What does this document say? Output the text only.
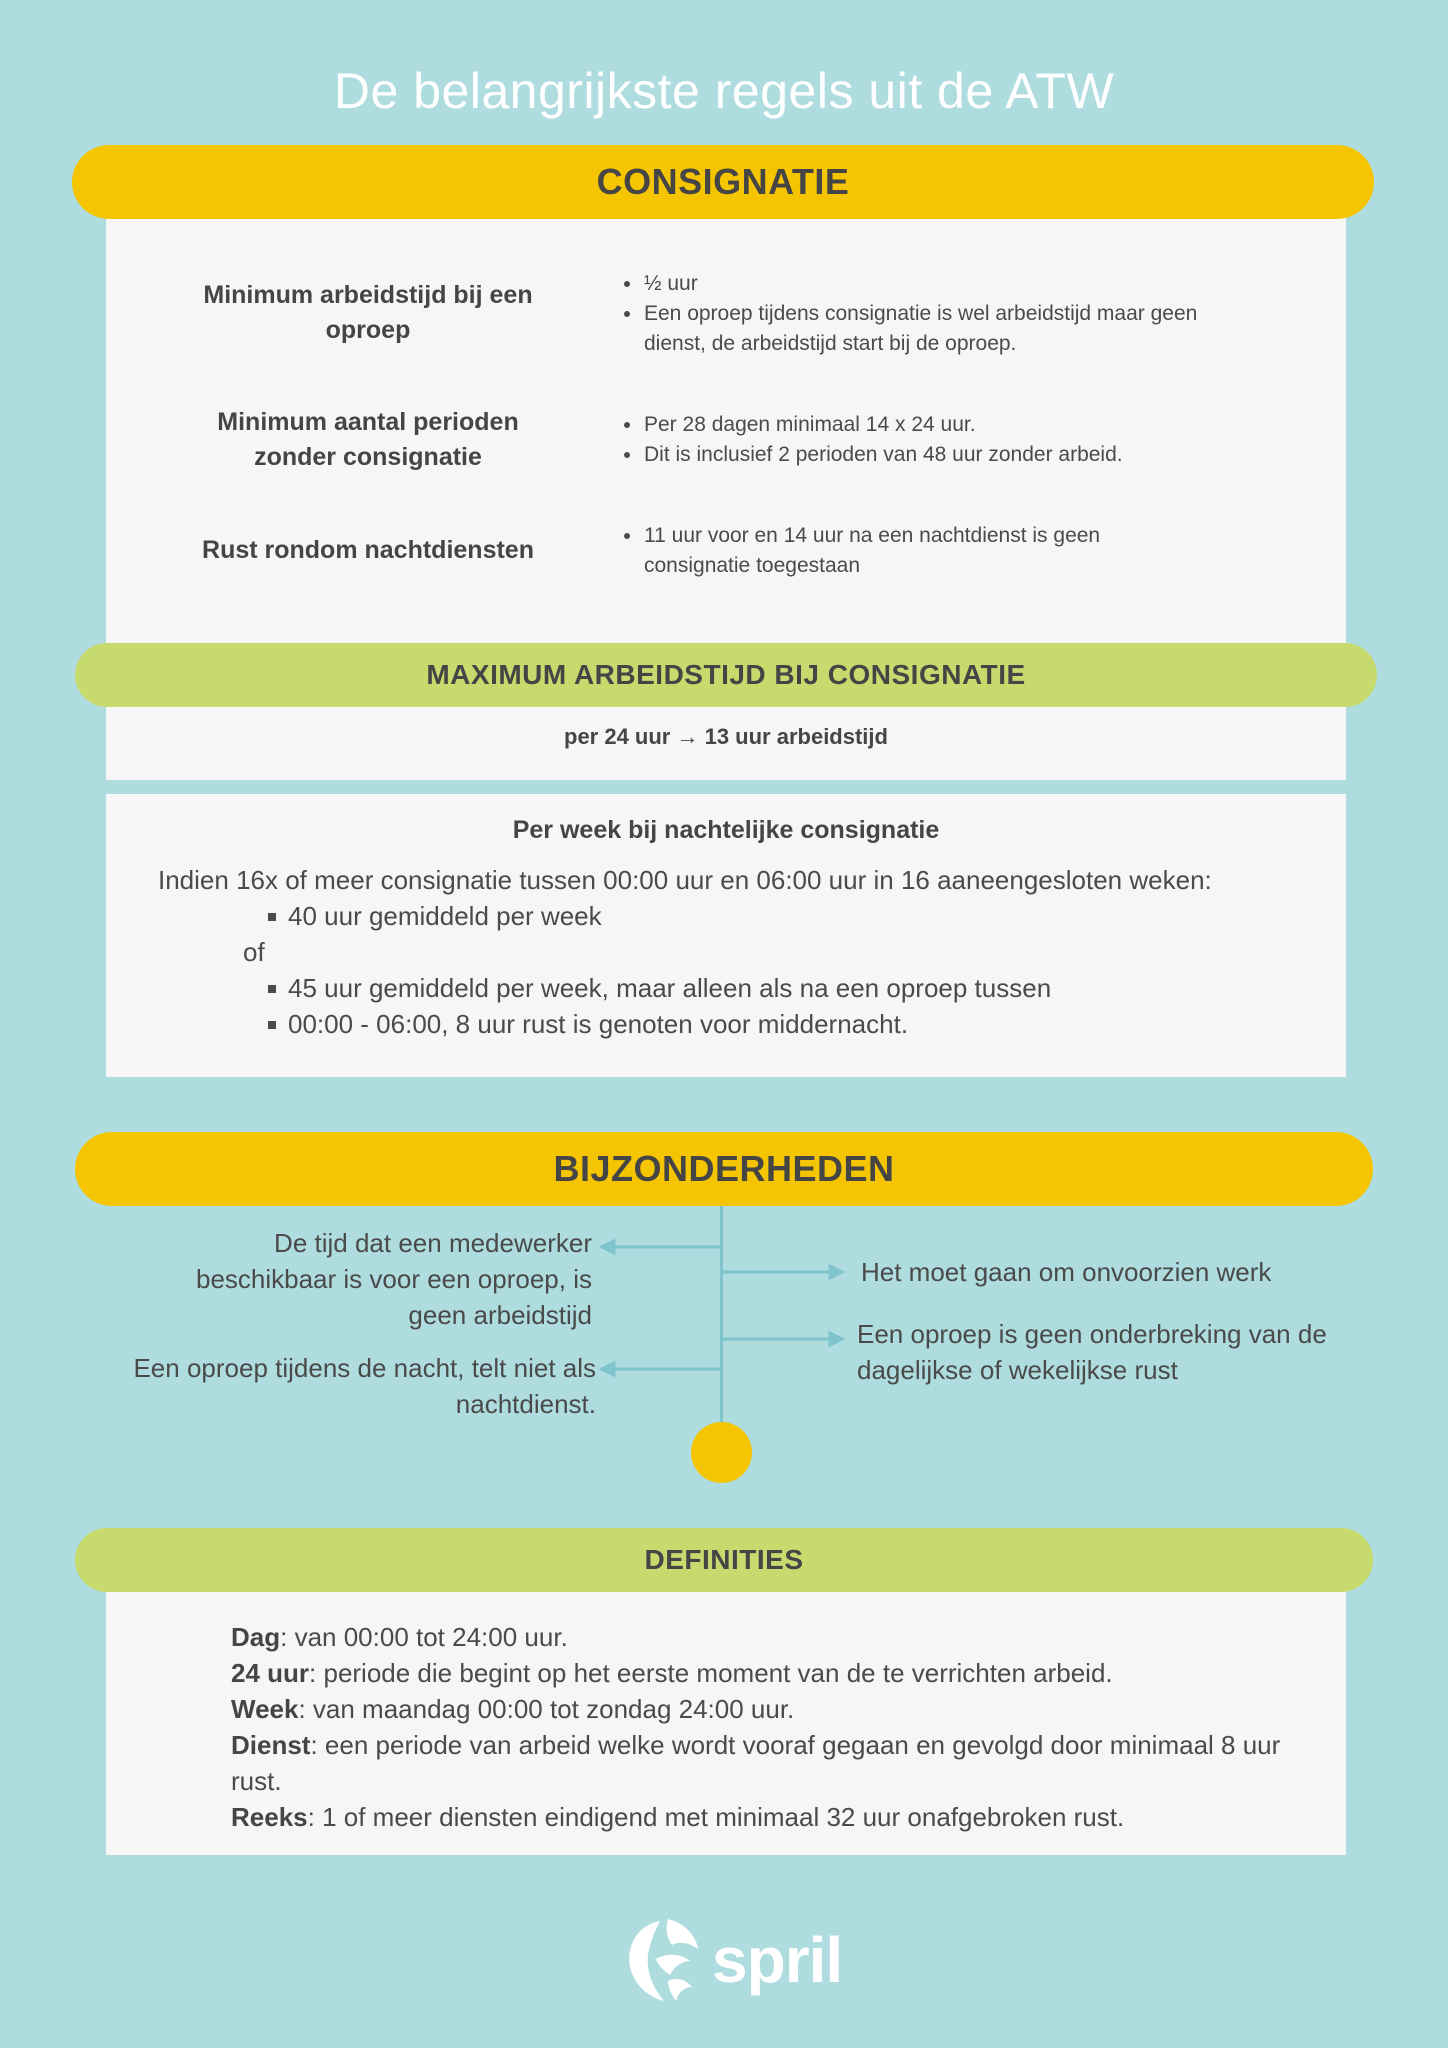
De belangrijkste regels uit de ATW
CONSIGNATIE
Minimum arbeidstijd bij een oproep
½ uur
Een oproep tijdens consignatie is wel arbeidstijd maar geen dienst, de arbeidstijd start bij de oproep.
Minimum aantal perioden zonder consignatie
Per 28 dagen minimaal 14 x 24 uur.
Dit is inclusief 2 perioden van 48 uur zonder arbeid.
Rust rondom nachtdiensten
11 uur voor en 14 uur na een nachtdienst is geen consignatie toegestaan
MAXIMUM ARBEIDSTIJD BIJ CONSIGNATIE
per 24 uur → 13 uur arbeidstijd
Per week bij nachtelijke consignatie
Indien 16x of meer consignatie tussen 00:00 uur en 06:00 uur in 16 aaneengesloten weken:
40 uur gemiddeld per week
of
45 uur gemiddeld per week, maar alleen als na een oproep tussen
00:00 - 06:00, 8 uur rust is genoten voor middernacht.
BIJZONDERHEDEN
De tijd dat een medewerker beschikbaar is voor een oproep, is geen arbeidstijd
Een oproep tijdens de nacht, telt niet als nachtdienst.
Het moet gaan om onvoorzien werk
Een oproep is geen onderbreking van de dagelijkse of wekelijkse rust
DEFINITIES
Dag: van 00:00 tot 24:00 uur.
24 uur: periode die begint op het eerste moment van de te verrichten arbeid.
Week: van maandag 00:00 tot zondag 24:00 uur.
Dienst: een periode van arbeid welke wordt vooraf gegaan en gevolgd door minimaal 8 uur rust.
Reeks: 1 of meer diensten eindigend met minimaal 32 uur onafgebroken rust.
spril
